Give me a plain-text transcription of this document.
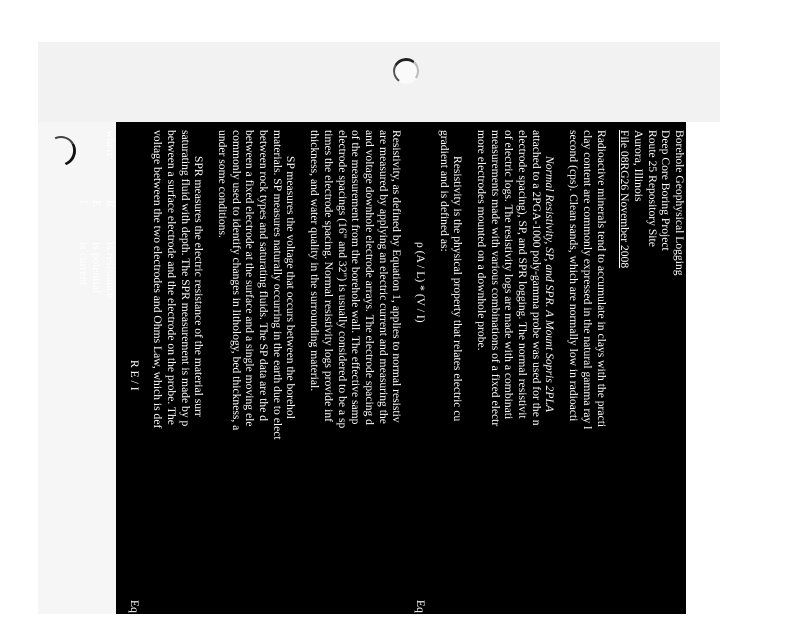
Borehole Geophysical Logging
Deep Core Boring Project
Route 25 Repository Site
Aurora, Illinois
File 08RG26 November 2008
Radioactive minerals tend to accumulate in clays with the practi
clay content are commonly expressed in the natural gamma ray l
second (cps). Clean sands, which are normally low in radioacti
Normal Resistivity, SP, and SPR. A Mount Sopris 2PLA
attached to a 2PGA-1000 poly-gamma probe was used for the n
electrode spacing), SP, and SPR logging. The normal resistivit
of electric logs. The resistivity logs are made with a combinati
measurements made with various combinations of a fixed electr
more electrodes mounted on a downhole probe.
Resistivity is the physical property that relates electric cu
gradient and is defined as:
ρ (A / L) * (V / I)
Eq 1
Resistivity, as defined by Equation 1, applies to normal resistiv
are measured by applying an electric current and measuring the
and voltage downhole electrode arrays. The electrode spacing d
of the measurement from the borehole wall. The effective samp
electrode spacings (16" and 32") is usually considered to be a sp
times the electrode spacing. Normal resistivity logs provide inf
thickness, and water quality in the surrounding material.
SP measures the voltage that occurs between the borehol
materials. SP measures naturally occurring in the earth due to elect
between rock types and saturating fluids. The SP data are the d
between a fixed electrode at the surface and a single moving ele
commonly used to identify changes in lithology, bed thickness, a
under some conditions.
SPR measures the electric resistance of the material surr
saturating fluid with depth. The SPR measurement is made by p
between a surface electrode and the electrode on the probe. The
voltage between the two electrodes and Ohms Law, which is def
R E / I
Eq 2
where:
R
is resistance
E
is potential
I
is current
